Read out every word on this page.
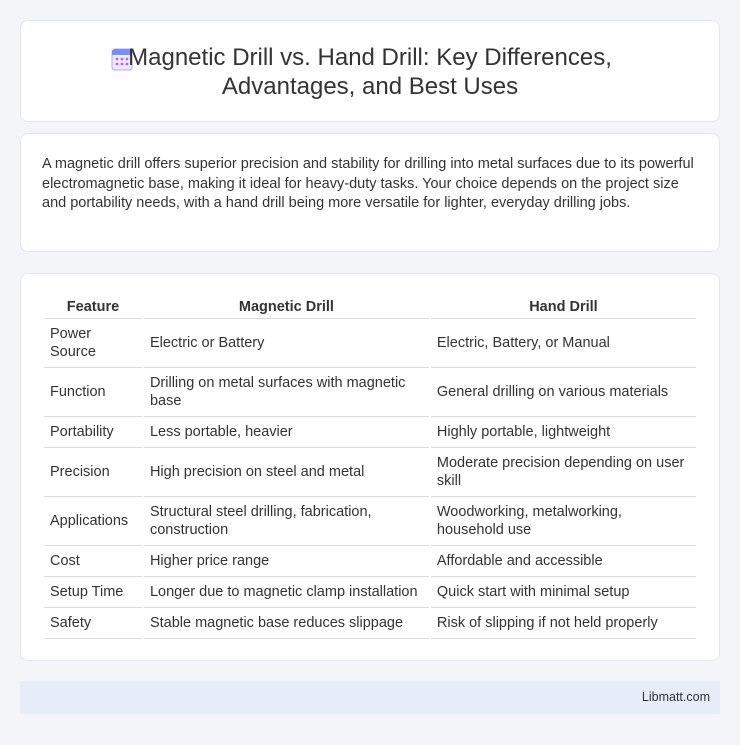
Magnetic Drill vs. Hand Drill: Key Differences, Advantages, and Best Uses

A magnetic drill offers superior precision and stability for drilling into metal surfaces due to its powerful electromagnetic base, making it ideal for heavy-duty tasks. Your choice depends on the project size and portability needs, with a hand drill being more versatile for lighter, everyday drilling jobs.

Feature	Magnetic Drill	Hand Drill
Power Source	Electric or Battery	Electric, Battery, or Manual
Function	Drilling on metal surfaces with magnetic base	General drilling on various materials
Portability	Less portable, heavier	Highly portable, lightweight
Precision	High precision on steel and metal	Moderate precision depending on user skill
Applications	Structural steel drilling, fabrication, construction	Woodworking, metalworking, household use
Cost	Higher price range	Affordable and accessible
Setup Time	Longer due to magnetic clamp installation	Quick start with minimal setup
Safety	Stable magnetic base reduces slippage	Risk of slipping if not held properly
Libmatt.com
